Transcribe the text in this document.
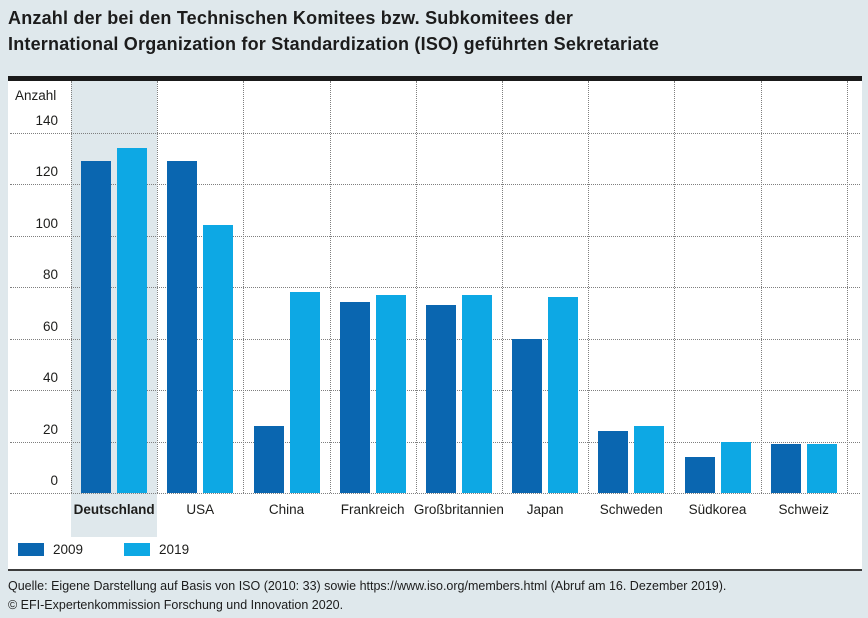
Anzahl der bei den Technischen Komitees bzw. Subkomitees der
International Organization for Standardization (ISO) geführten Sekretariate
Anzahl
0
20
40
60
80
100
120
140
Deutschland	USA	China	Frankreich Großbritannien	Japan	Schweden	Südkorea	Schweiz
2009	2019
Quelle: Eigene Darstellung auf Basis von ISO (2010: 33) sowie https://www.iso.org/members.html (Abruf am 16. Dezember 2019).
© EFI-Expertenkommission Forschung und Innovation 2020.
